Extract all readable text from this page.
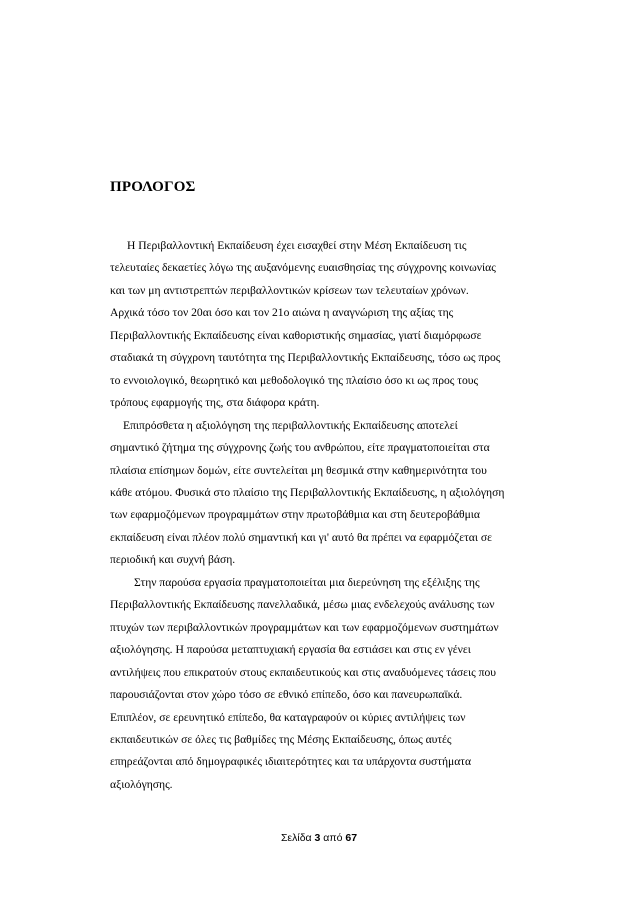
ΠΡΟΛΟΓΟΣ
Η Περιβαλλοντική Εκπαίδευση έχει εισαχθεί στην Μέση Εκπαίδευση τις
τελευταίες δεκαετίες λόγω της αυξανόμενης ευαισθησίας της σύγχρονης κοινωνίας
και των μη αντιστρεπτών περιβαλλοντικών κρίσεων των τελευταίων χρόνων.
Αρχικά τόσο τον 20αι όσο και τον 21ο αιώνα η αναγνώριση της αξίας της
Περιβαλλοντικής Εκπαίδευσης είναι καθοριστικής σημασίας, γιατί διαμόρφωσε
σταδιακά τη σύγχρονη ταυτότητα της Περιβαλλοντικής Εκπαίδευσης, τόσο ως προς
το εννοιολογικό, θεωρητικό και μεθοδολογικό της πλαίσιο όσο κι ως προς τους
τρόπους εφαρμογής της, στα διάφορα κράτη.
Επιπρόσθετα η αξιολόγηση της περιβαλλοντικής Εκπαίδευσης αποτελεί
σημαντικό ζήτημα της σύγχρονης ζωής του ανθρώπου, είτε πραγματοποιείται στα
πλαίσια επίσημων δομών, είτε συντελείται μη θεσμικά στην καθημερινότητα του
κάθε ατόμου. Φυσικά στο πλαίσιο της Περιβαλλοντικής Εκπαίδευσης, η αξιολόγηση
των εφαρμοζόμενων προγραμμάτων στην πρωτοβάθμια και στη δευτεροβάθμια
εκπαίδευση είναι πλέον πολύ σημαντική και γι' αυτό θα πρέπει να εφαρμόζεται σε
περιοδική και συχνή βάση.
Στην παρούσα εργασία πραγματοποιείται μια διερεύνηση της εξέλιξης της
Περιβαλλοντικής Εκπαίδευσης πανελλαδικά, μέσω μιας ενδελεχούς ανάλυσης των
πτυχών των περιβαλλοντικών προγραμμάτων και των εφαρμοζόμενων συστημάτων
αξιολόγησης. Η παρούσα μεταπτυχιακή εργασία θα εστιάσει και στις εν γένει
αντιλήψεις που επικρατούν στους εκπαιδευτικούς και στις αναδυόμενες τάσεις που
παρουσιάζονται στον χώρο τόσο σε εθνικό επίπεδο, όσο και πανευρωπαϊκά.
Επιπλέον, σε ερευνητικό επίπεδο, θα καταγραφούν οι κύριες αντιλήψεις των
εκπαιδευτικών σε όλες τις βαθμίδες της Μέσης Εκπαίδευσης, όπως αυτές
επηρεάζονται από δημογραφικές ιδιαιτερότητες και τα υπάρχοντα συστήματα
αξιολόγησης.
Σελίδα 3 από 67
